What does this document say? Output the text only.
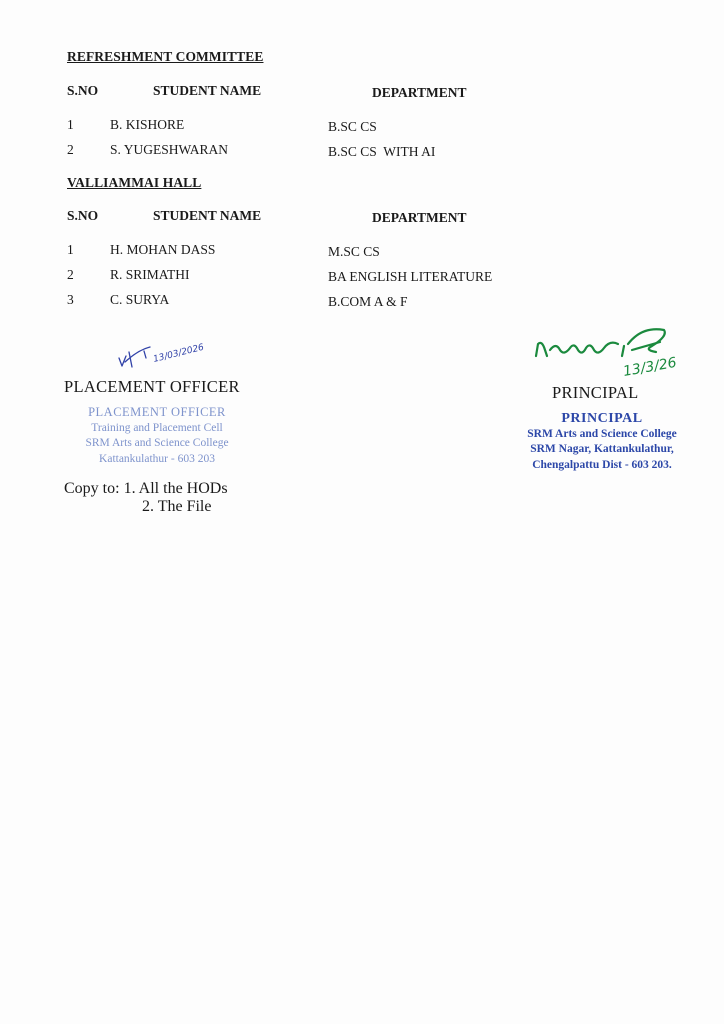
REFRESHMENT COMMITTEE
S.NO	STUDENT NAME	DEPARTMENT
1	B. KISHORE	B.SC CS
2	S. YUGESHWARAN	B.SC CS  WITH AI
VALLIAMMAI HALL
S.NO	STUDENT NAME	DEPARTMENT
1	H. MOHAN DASS	M.SC CS
2	R. SRIMATHI	BA ENGLISH LITERATURE
3	C. SURYA	B.COM A & F
13/03/2026
PLACEMENT OFFICER
PLACEMENT OFFICER
Training and Placement Cell
SRM Arts and Science College
Kattankulathur - 603 203
Copy to: 1. All the HODs
2. The File
13/3/26
PRINCIPAL
PRINCIPAL
SRM Arts and Science College
SRM Nagar, Kattankulathur,
Chengalpattu Dist - 603 203.
